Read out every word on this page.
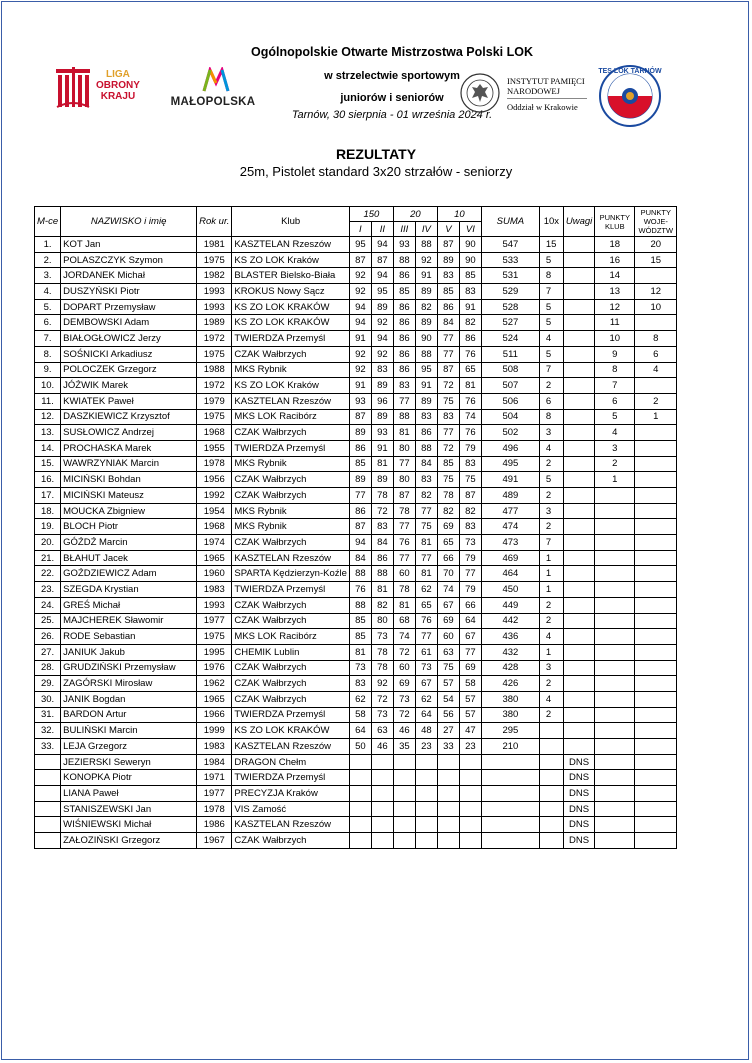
Ogólnopolskie Otwarte Mistrzostwa Polski LOK
w strzelectwie sportowym
juniorów i seniorów
Tarnów, 30 sierpnia - 01 września 2024 r.
LIGA
OBRONY
KRAJU	MAŁOPOLSKA
INSTYTUT PAMIĘCI
NARODOWEJ
Oddział w Krakowie
TES LOK TARNÓW
REZULTATY
25m, Pistolet standard 3x20 strzałów - seniorzy
M-ce	NAZWISKO i imię	Rok ur.	Klub	150		20		10		SUMA	10x	Uwagi	PUNKTY KLUB	PUNKTY WOJE- WÓDZTW
				I	II	III	IV	V	VI					
1.	KOT Jan	1981	KASZTELAN Rzeszów	95	94	93	88	87	90	547	15		18	20
2.	POLASZCZYK Szymon	1975	KS ZO LOK Kraków	87	87	88	92	89	90	533	5		16	15
3.	JORDANEK Michał	1982	BLASTER Bielsko-Biała	92	94	86	91	83	85	531	8		14	
4.	DUSZYŃSKI Piotr	1993	KROKUS Nowy Sącz	92	95	85	89	85	83	529	7		13	12
5.	DOPART Przemysław	1993	KS ZO LOK KRAKÓW	94	89	86	82	86	91	528	5		12	10
6.	DEMBOWSKI Adam	1989	KS ZO LOK KRAKÓW	94	92	86	89	84	82	527	5		11	
7.	BIAŁOGŁOWICZ Jerzy	1972	TWIERDZA Przemyśl	91	94	86	90	77	86	524	4		10	8
8.	SOŚNICKI Arkadiusz	1975	CZAK Wałbrzych	92	92	86	88	77	76	511	5		9	6
9.	POLOCZEK Grzegorz	1988	MKS Rybnik	92	83	86	95	87	65	508	7		8	4
10.	JÓŹWIK Marek	1972	KS ZO LOK Kraków	91	89	83	91	72	81	507	2		7	
11.	KWIATEK Paweł	1979	KASZTELAN Rzeszów	93	96	77	89	75	76	506	6		6	2
12.	DASZKIEWICZ Krzysztof	1975	MKS LOK Racibórz	87	89	88	83	83	74	504	8		5	1
13.	SUSŁOWICZ Andrzej	1968	CZAK Wałbrzych	89	93	81	86	77	76	502	3		4	
14.	PROCHASKA Marek	1955	TWIERDZA Przemyśl	86	91	80	88	72	79	496	4		3	
15.	WAWRZYNIAK Marcin	1978	MKS Rybnik	85	81	77	84	85	83	495	2		2	
16.	MICIŃSKI Bohdan	1956	CZAK Wałbrzych	89	89	80	83	75	75	491	5		1	
17.	MICIŃSKI Mateusz	1992	CZAK Wałbrzych	77	78	87	82	78	87	489	2			
18.	MOUCKA Zbigniew	1954	MKS Rybnik	86	72	78	77	82	82	477	3			
19.	BLOCH Piotr	1968	MKS Rybnik	87	83	77	75	69	83	474	2			
20.	GÓŹDŹ Marcin	1974	CZAK Wałbrzych	94	84	76	81	65	73	473	7			
21.	BŁAHUT Jacek	1965	KASZTELAN Rzeszów	84	86	77	77	66	79	469	1			
22.	GOŹDZIEWICZ Adam	1960	SPARTA Kędzierzyn-Koźle	88	88	60	81	70	77	464	1			
23.	SZEGDA Krystian	1983	TWIERDZA Przemyśl	76	81	78	62	74	79	450	1			
24.	GREŚ Michał	1993	CZAK Wałbrzych	88	82	81	65	67	66	449	2			
25.	MAJCHEREK Sławomir	1977	CZAK Wałbrzych	85	80	68	76	69	64	442	2			
26.	RODE Sebastian	1975	MKS LOK Racibórz	85	73	74	77	60	67	436	4			
27.	JANIUK Jakub	1995	CHEMIK Lublin	81	78	72	61	63	77	432	1			
28.	GRUDZIŃSKI Przemysław	1976	CZAK Wałbrzych	73	78	60	73	75	69	428	3			
29.	ZAGÓRSKI Mirosław	1962	CZAK Wałbrzych	83	92	69	67	57	58	426	2			
30.	JANIK Bogdan	1965	CZAK Wałbrzych	62	72	73	62	54	57	380	4			
31.	BARDON Artur	1966	TWIERDZA Przemyśl	58	73	72	64	56	57	380	2			
32.	BULIŃSKI Marcin	1999	KS ZO LOK KRAKÓW	64	63	46	48	27	47	295				
33.	LEJA Grzegorz	1983	KASZTELAN Rzeszów	50	46	35	23	33	23	210				
	JEZIERSKI Seweryn	1984	DRAGON Chełm									DNS		
	KONOPKA Piotr	1971	TWIERDZA Przemyśl									DNS		
	LIANA Paweł	1977	PRECYZJA Kraków									DNS		
	STANISZEWSKI Jan	1978	VIS Zamość									DNS		
	WIŚNIEWSKI Michał	1986	KASZTELAN Rzeszów									DNS		
	ZAŁOZIŃSKI Grzegorz	1967	CZAK Wałbrzych									DNS		
